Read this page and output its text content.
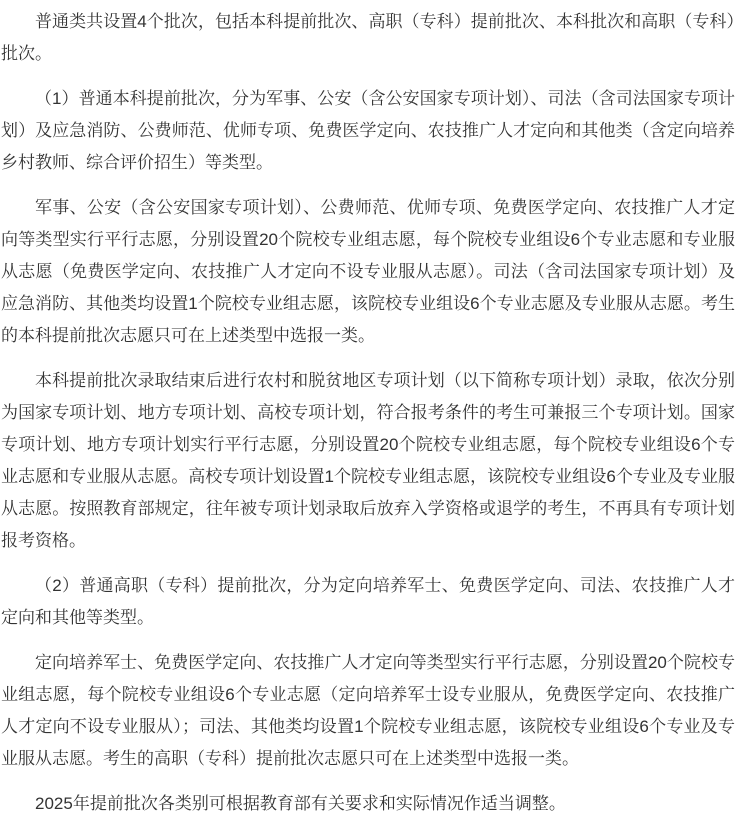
普通类共设置4个批次，包括本科提前批次、高职（专科）提前批次、本科批次和高职（专科）批次。

（1）普通本科提前批次，分为军事、公安（含公安国家专项计划）、司法（含司法国家专项计划）及应急消防、公费师范、优师专项、免费医学定向、农技推广人才定向和其他类（含定向培养乡村教师、综合评价招生）等类型。

军事、公安（含公安国家专项计划）、公费师范、优师专项、免费医学定向、农技推广人才定向等类型实行平行志愿，分别设置20个院校专业组志愿，每个院校专业组设6个专业志愿和专业服从志愿（免费医学定向、农技推广人才定向不设专业服从志愿）。司法（含司法国家专项计划）及应急消防、其他类均设置1个院校专业组志愿，该院校专业组设6个专业志愿及专业服从志愿。考生的本科提前批次志愿只可在上述类型中选报一类。

本科提前批次录取结束后进行农村和脱贫地区专项计划（以下简称专项计划）录取，依次分别为国家专项计划、地方专项计划、高校专项计划，符合报考条件的考生可兼报三个专项计划。国家专项计划、地方专项计划实行平行志愿，分别设置20个院校专业组志愿，每个院校专业组设6个专业志愿和专业服从志愿。高校专项计划设置1个院校专业组志愿，该院校专业组设6个专业及专业服从志愿。按照教育部规定，往年被专项计划录取后放弃入学资格或退学的考生，不再具有专项计划报考资格。

（2）普通高职（专科）提前批次，分为定向培养军士、免费医学定向、司法、农技推广人才定向和其他等类型。

定向培养军士、免费医学定向、农技推广人才定向等类型实行平行志愿，分别设置20个院校专业组志愿，每个院校专业组设6个专业志愿（定向培养军士设专业服从，免费医学定向、农技推广人才定向不设专业服从）；司法、其他类均设置1个院校专业组志愿，该院校专业组设6个专业及专业服从志愿。考生的高职（专科）提前批次志愿只可在上述类型中选报一类。

2025年提前批次各类别可根据教育部有关要求和实际情况作适当调整。
